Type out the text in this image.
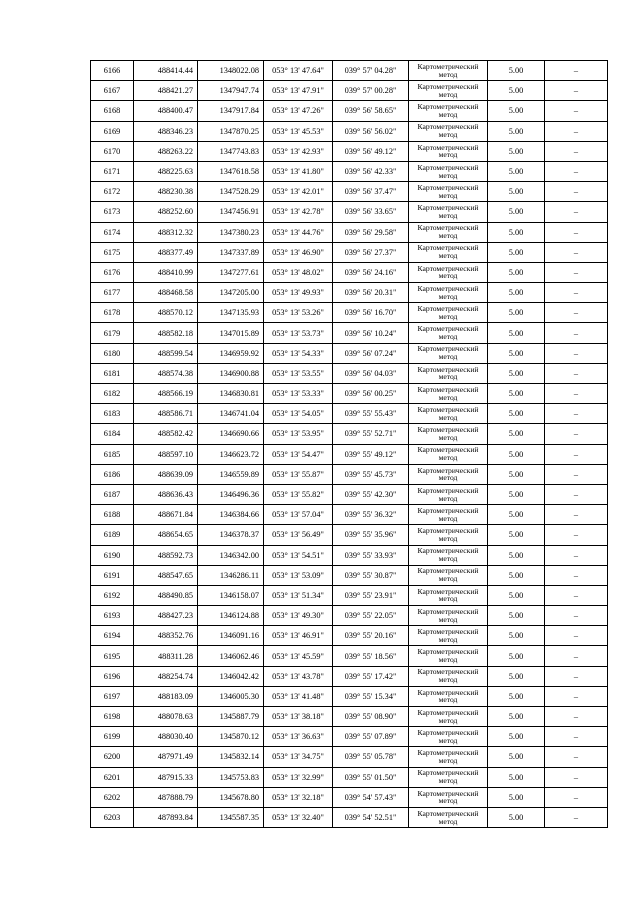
6166	488414.44	1348022.08	053° 13' 47.64"	039° 57' 04.28"	Картометрический метод	5.00	–
6167	488421.27	1347947.74	053° 13' 47.91"	039° 57' 00.28"	Картометрический метод	5.00	–
6168	488400.47	1347917.84	053° 13' 47.26"	039° 56' 58.65"	Картометрический метод	5.00	–
6169	488346.23	1347870.25	053° 13' 45.53"	039° 56' 56.02"	Картометрический метод	5.00	–
6170	488263.22	1347743.83	053° 13' 42.93"	039° 56' 49.12"	Картометрический метод	5.00	–
6171	488225.63	1347618.58	053° 13' 41.80"	039° 56' 42.33"	Картометрический метод	5.00	–
6172	488230.38	1347528.29	053° 13' 42.01"	039° 56' 37.47"	Картометрический метод	5.00	–
6173	488252.60	1347456.91	053° 13' 42.78"	039° 56' 33.65"	Картометрический метод	5.00	–
6174	488312.32	1347380.23	053° 13' 44.76"	039° 56' 29.58"	Картометрический метод	5.00	–
6175	488377.49	1347337.89	053° 13' 46.90"	039° 56' 27.37"	Картометрический метод	5.00	–
6176	488410.99	1347277.61	053° 13' 48.02"	039° 56' 24.16"	Картометрический метод	5.00	–
6177	488468.58	1347205.00	053° 13' 49.93"	039° 56' 20.31"	Картометрический метод	5.00	–
6178	488570.12	1347135.93	053° 13' 53.26"	039° 56' 16.70"	Картометрический метод	5.00	–
6179	488582.18	1347015.89	053° 13' 53.73"	039° 56' 10.24"	Картометрический метод	5.00	–
6180	488599.54	1346959.92	053° 13' 54.33"	039° 56' 07.24"	Картометрический метод	5.00	–
6181	488574.38	1346900.88	053° 13' 53.55"	039° 56' 04.03"	Картометрический метод	5.00	–
6182	488566.19	1346830.81	053° 13' 53.33"	039° 56' 00.25"	Картометрический метод	5.00	–
6183	488586.71	1346741.04	053° 13' 54.05"	039° 55' 55.43"	Картометрический метод	5.00	–
6184	488582.42	1346690.66	053° 13' 53.95"	039° 55' 52.71"	Картометрический метод	5.00	–
6185	488597.10	1346623.72	053° 13' 54.47"	039° 55' 49.12"	Картометрический метод	5.00	–
6186	488639.09	1346559.89	053° 13' 55.87"	039° 55' 45.73"	Картометрический метод	5.00	–
6187	488636.43	1346496.36	053° 13' 55.82"	039° 55' 42.30"	Картометрический метод	5.00	–
6188	488671.84	1346384.66	053° 13' 57.04"	039° 55' 36.32"	Картометрический метод	5.00	–
6189	488654.65	1346378.37	053° 13' 56.49"	039° 55' 35.96"	Картометрический метод	5.00	–
6190	488592.73	1346342.00	053° 13' 54.51"	039° 55' 33.93"	Картометрический метод	5.00	–
6191	488547.65	1346286.11	053° 13' 53.09"	039° 55' 30.87"	Картометрический метод	5.00	–
6192	488490.85	1346158.07	053° 13' 51.34"	039° 55' 23.91"	Картометрический метод	5.00	–
6193	488427.23	1346124.88	053° 13' 49.30"	039° 55' 22.05"	Картометрический метод	5.00	–
6194	488352.76	1346091.16	053° 13' 46.91"	039° 55' 20.16"	Картометрический метод	5.00	–
6195	488311.28	1346062.46	053° 13' 45.59"	039° 55' 18.56"	Картометрический метод	5.00	–
6196	488254.74	1346042.42	053° 13' 43.78"	039° 55' 17.42"	Картометрический метод	5.00	–
6197	488183.09	1346005.30	053° 13' 41.48"	039° 55' 15.34"	Картометрический метод	5.00	–
6198	488078.63	1345887.79	053° 13' 38.18"	039° 55' 08.90"	Картометрический метод	5.00	–
6199	488030.40	1345870.12	053° 13' 36.63"	039° 55' 07.89"	Картометрический метод	5.00	–
6200	487971.49	1345832.14	053° 13' 34.75"	039° 55' 05.78"	Картометрический метод	5.00	–
6201	487915.33	1345753.83	053° 13' 32.99"	039° 55' 01.50"	Картометрический метод	5.00	–
6202	487888.79	1345678.80	053° 13' 32.18"	039° 54' 57.43"	Картометрический метод	5.00	–
6203	487893.84	1345587.35	053° 13' 32.40"	039° 54' 52.51"	Картометрический метод	5.00	–
